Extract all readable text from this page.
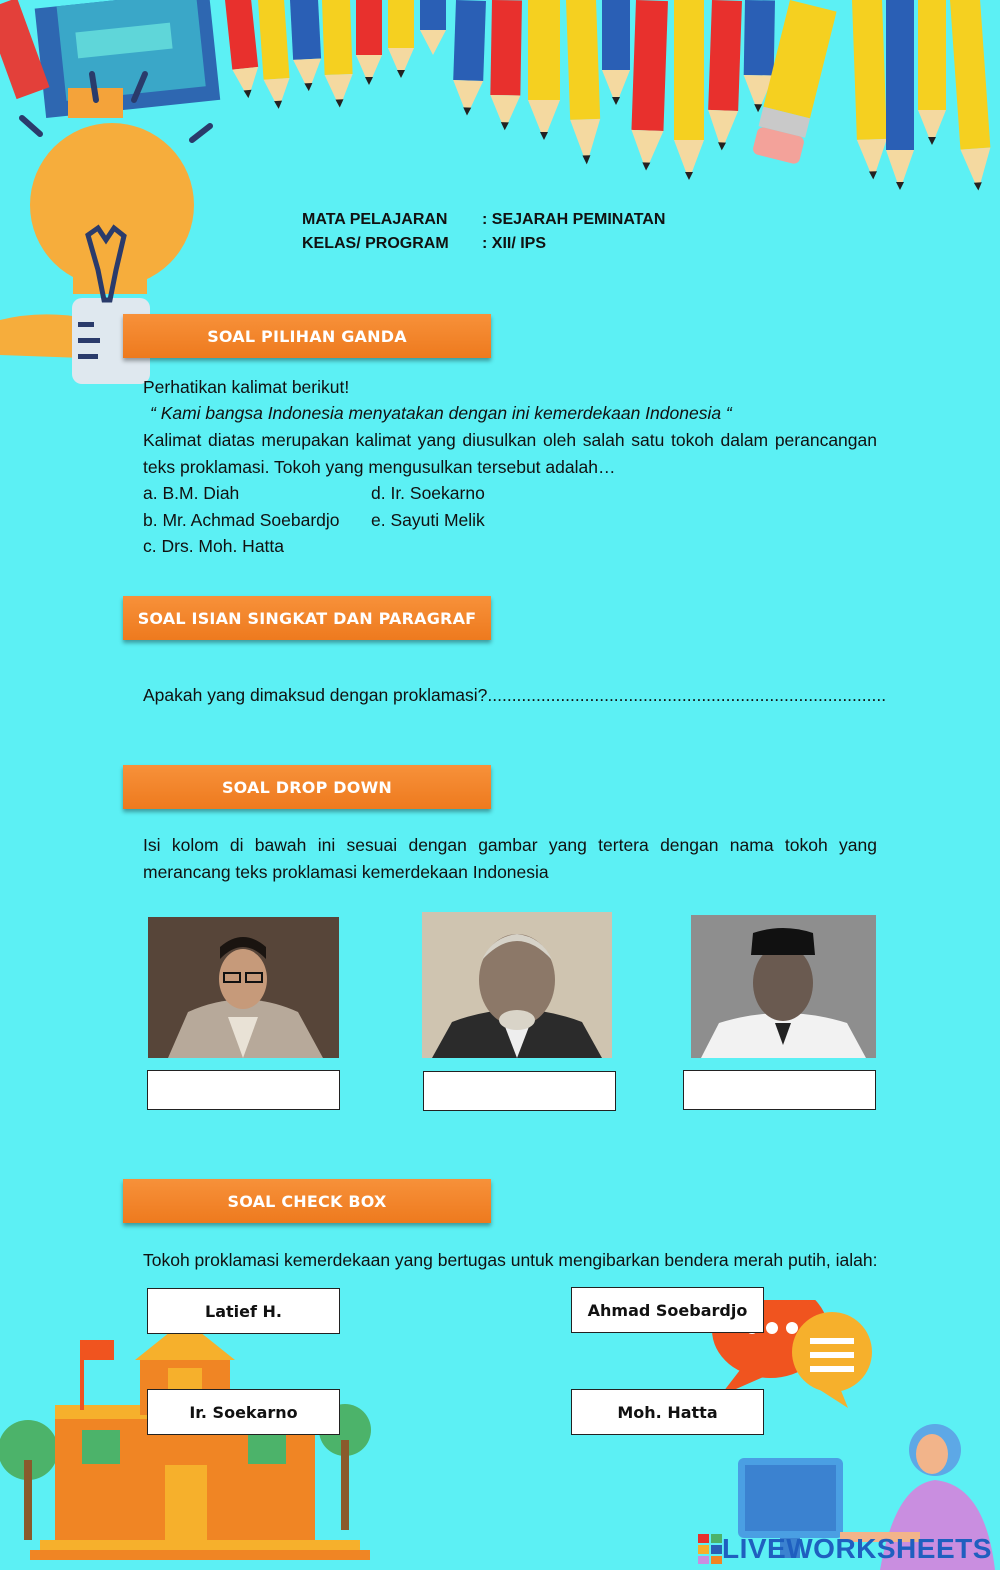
MATA PELAJARAN	: SEJARAH PEMINATAN
KELAS/ PROGRAM	: XII/ IPS
SOAL PILIHAN GANDA
Perhatikan kalimat berikut!
“ Kami bangsa Indonesia menyatakan dengan ini kemerdekaan Indonesia “
Kalimat diatas merupakan kalimat yang diusulkan oleh salah satu tokoh dalam perancangan teks proklamasi. Tokoh yang mengusulkan tersebut adalah…
a. B.M. Diah
b. Mr. Achmad Soebardjo
c. Drs. Moh. Hatta
d. Ir. Soekarno
e. Sayuti Melik
SOAL ISIAN SINGKAT DAN PARAGRAF
Apakah yang dimaksud dengan proklamasi?..................................................................................
SOAL DROP DOWN
Isi kolom di bawah ini sesuai dengan gambar yang tertera dengan nama tokoh yang merancang teks proklamasi kemerdekaan Indonesia
SOAL CHECK BOX
Tokoh proklamasi kemerdekaan yang bertugas untuk mengibarkan bendera merah putih, ialah:
Latief H.	Ahmad Soebardjo
Ir. Soekarno	Moh. Hatta
LIVEWORKSHEETS
